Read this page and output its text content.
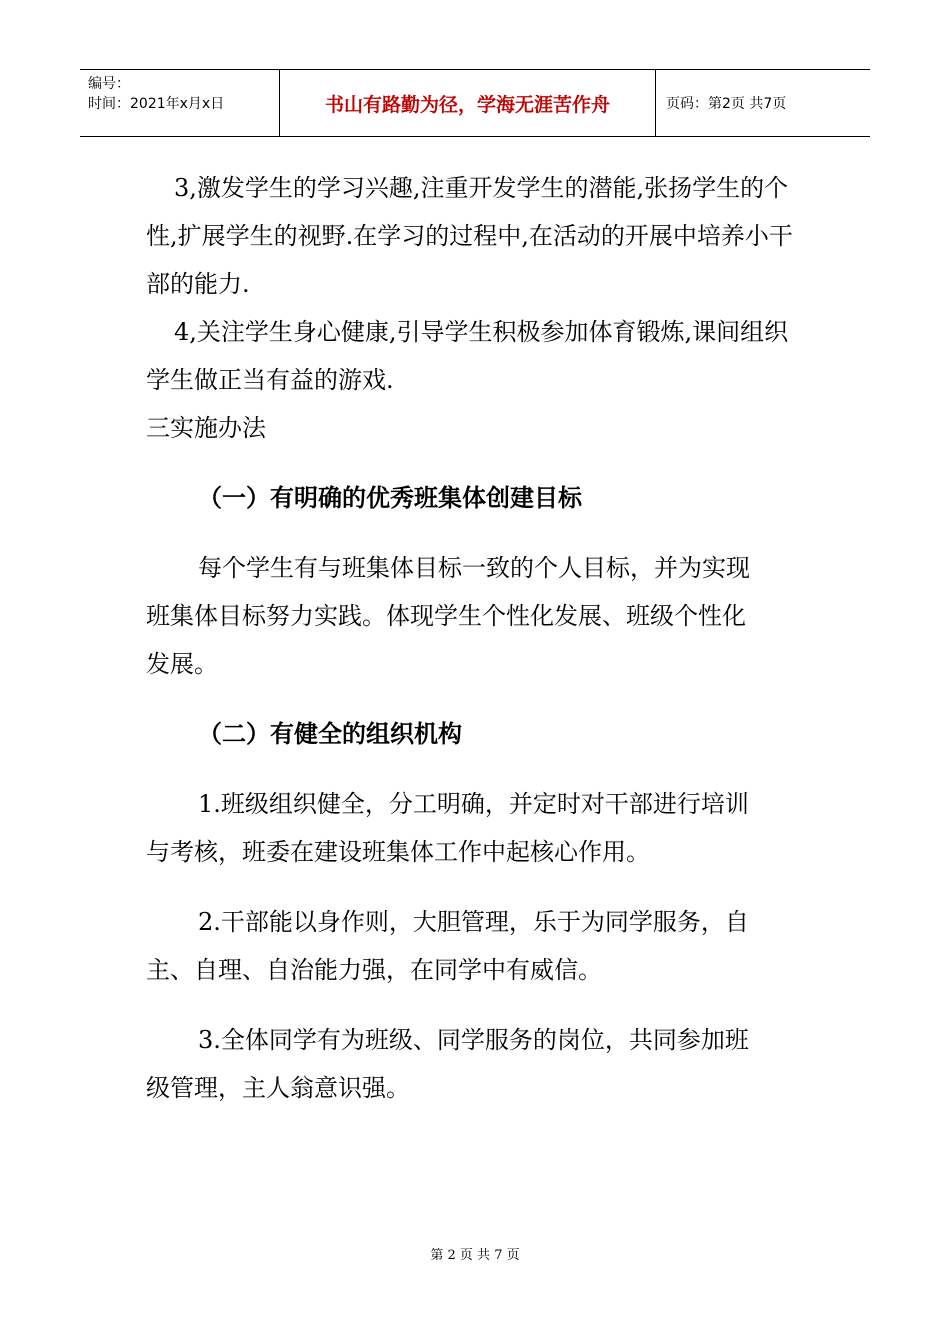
编号：
时间：2021年x月x日	书山有路勤为径，学海无涯苦作舟	页码：第2页 共7页

3,激发学生的学习兴趣,注重开发学生的潜能,张扬学生的个

性,扩展学生的视野.在学习的过程中,在活动的开展中培养小干

部的能力.

4,关注学生身心健康,引导学生积极参加体育锻炼,课间组织

学生做正当有益的游戏.

三实施办法

（一）有明确的优秀班集体创建目标

每个学生有与班集体目标一致的个人目标，并为实现

班集体目标努力实践。体现学生个性化发展、班级个性化

发展。

（二）有健全的组织机构

1.班级组织健全，分工明确，并定时对干部进行培训

与考核，班委在建设班集体工作中起核心作用。

2.干部能以身作则，大胆管理，乐于为同学服务，自

主、自理、自治能力强，在同学中有威信。

3.全体同学有为班级、同学服务的岗位，共同参加班

级管理，主人翁意识强。

第 2 页 共 7 页
